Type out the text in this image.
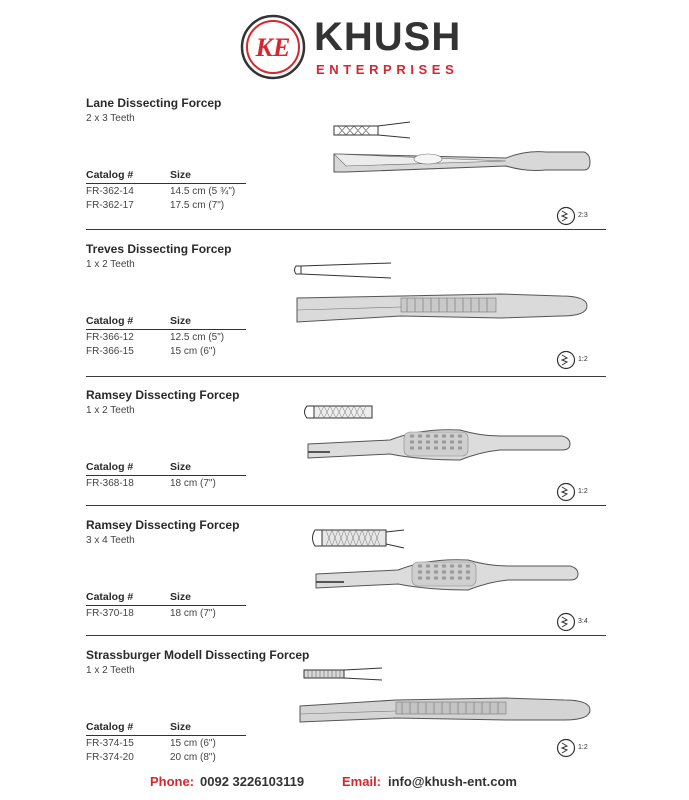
KE KHUSH
ENTERPRISES
Lane Dissecting Forcep
2 x 3 Teeth
Catalog #	Size
FR-362-14	14.5 cm (5 ¾")
FR-362-17	17.5 cm (7")
2:3
Treves Dissecting Forcep
1 x 2 Teeth
Catalog #	Size
FR-366-12	12.5 cm (5")
FR-366-15	15 cm (6")
1:2
Ramsey Dissecting Forcep
1 x 2 Teeth
Catalog #	Size
FR-368-18	18 cm (7")
1:2
Ramsey Dissecting Forcep
3 x 4 Teeth
Catalog #	Size
FR-370-18	18 cm (7")
3:4
Strassburger Modell Dissecting Forcep
1 x 2 Teeth
Catalog #	Size
FR-374-15	15 cm (6")
FR-374-20	20 cm (8")
1:2
Phone: 0092 3226103119	Email: info@khush-ent.com
